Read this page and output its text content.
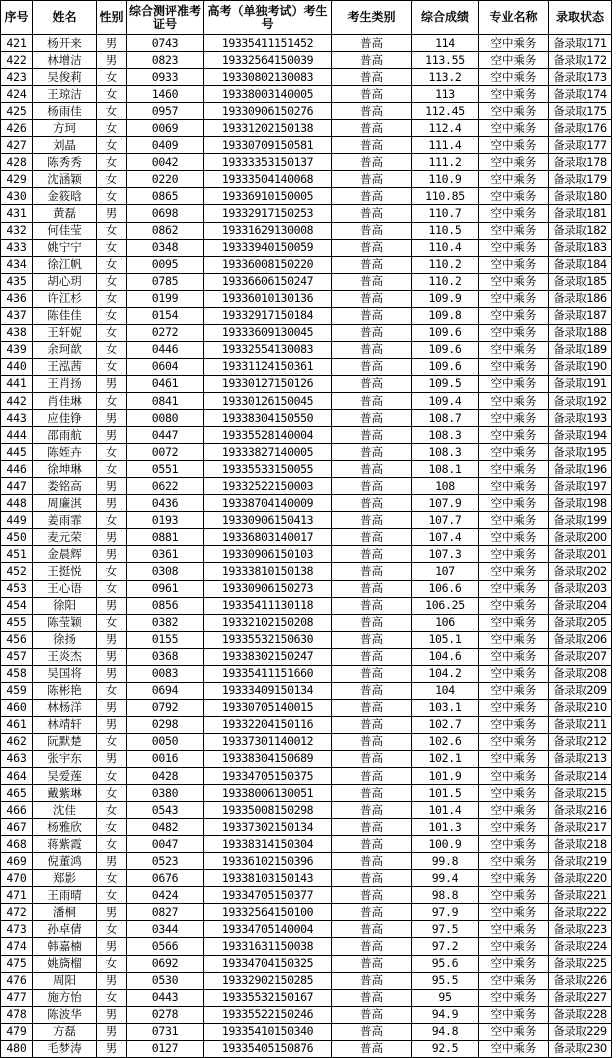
序号	姓名	性别	综合测评准考证号	高考（单独考试）考生号	考生类别	综合成绩	专业名称	录取状态
421	杨开来	男	0743	19335411151452	普高	114	空中乘务	备录取171
422	林增洁	男	0823	19332564150039	普高	113.55	空中乘务	备录取172
423	吴俊莉	女	0933	19330802130083	普高	113.2	空中乘务	备录取173
424	王琼洁	女	1460	19338003140005	普高	113	空中乘务	备录取174
425	杨雨佳	女	0957	19330906150276	普高	112.45	空中乘务	备录取175
426	方珂	女	0069	19331202150138	普高	112.4	空中乘务	备录取176
427	刘晶	女	0409	19330709150581	普高	111.4	空中乘务	备录取177
428	陈秀秀	女	0042	19333353150137	普高	111.2	空中乘务	备录取178
429	沈涵颖	女	0220	19333504140068	普高	110.9	空中乘务	备录取179
430	金筱晗	女	0865	19336910150005	普高	110.85	空中乘务	备录取180
431	黄磊	男	0698	19332917150253	普高	110.7	空中乘务	备录取181
432	何佳莹	女	0862	19331629130008	普高	110.5	空中乘务	备录取182
433	姚宁宁	女	0348	19333940150059	普高	110.4	空中乘务	备录取183
434	徐江帆	女	0095	19336008150220	普高	110.2	空中乘务	备录取184
435	胡心玥	女	0785	19336606150247	普高	110.2	空中乘务	备录取185
436	许江杉	女	0199	19336010130136	普高	109.9	空中乘务	备录取186
437	陈佳佳	女	0154	19332917150184	普高	109.8	空中乘务	备录取187
438	王轩妮	女	0272	19333609130045	普高	109.6	空中乘务	备录取188
439	余珂歆	女	0446	19332554130083	普高	109.6	空中乘务	备录取189
440	王泓茜	女	0604	19331124150361	普高	109.6	空中乘务	备录取190
441	王肖扬	男	0461	19330127150126	普高	109.5	空中乘务	备录取191
442	肖佳琳	女	0841	19330126150045	普高	109.4	空中乘务	备录取192
443	应佳铮	男	0080	19338304150550	普高	108.7	空中乘务	备录取193
444	邵雨航	男	0447	19335528140004	普高	108.3	空中乘务	备录取194
445	陈姪卉	女	0072	19333827140005	普高	108.3	空中乘务	备录取195
446	徐坤琳	女	0551	19335533150055	普高	108.1	空中乘务	备录取196
447	娄铭高	男	0622	19332522150003	普高	108	空中乘务	备录取197
448	周廉淇	男	0436	19338704140009	普高	107.9	空中乘务	备录取198
449	姜雨霏	女	0193	19330906150413	普高	107.7	空中乘务	备录取199
450	麦元荣	男	0881	19336803140017	普高	107.4	空中乘务	备录取200
451	金晨辉	男	0361	19330906150103	普高	107.3	空中乘务	备录取201
452	王挺悦	女	0308	19333810150138	普高	107	空中乘务	备录取202
453	王心语	女	0961	19330906150273	普高	106.6	空中乘务	备录取203
454	徐阳	男	0856	19335411130118	普高	106.25	空中乘务	备录取204
455	陈莹颖	女	0382	19332102150208	普高	106	空中乘务	备录取205
456	徐扬	男	0155	19335532150630	普高	105.1	空中乘务	备录取206
457	王炎杰	男	0368	19338302150247	普高	104.6	空中乘务	备录取207
458	吴国将	男	0083	19335411151660	普高	104.2	空中乘务	备录取208
459	陈彬艳	女	0694	19333409150134	普高	104	空中乘务	备录取209
460	林杨洋	男	0792	19330705140015	普高	103.1	空中乘务	备录取210
461	林靖轩	男	0298	19332204150116	普高	102.7	空中乘务	备录取211
462	阮默楚	女	0050	19337301140012	普高	102.6	空中乘务	备录取212
463	张宇东	男	0016	19338304150689	普高	102.1	空中乘务	备录取213
464	吴爱莲	女	0428	19334705150375	普高	101.9	空中乘务	备录取214
465	戴紫琳	女	0380	19338006130051	普高	101.5	空中乘务	备录取215
466	沈佳	女	0543	19335008150298	普高	101.4	空中乘务	备录取216
467	杨雅欣	女	0482	19337302150134	普高	101.3	空中乘务	备录取217
468	蒋紫霞	女	0047	19338314150304	普高	100.9	空中乘务	备录取218
469	倪董鸿	男	0523	19336102150396	普高	99.8	空中乘务	备录取219
470	郑影	女	0676	19338103150143	普高	99.4	空中乘务	备录取220
471	王雨晴	女	0424	19334705150377	普高	98.8	空中乘务	备录取221
472	潘桐	男	0827	19332564150100	普高	97.9	空中乘务	备录取222
473	孙卓倩	女	0344	19334705140004	普高	97.5	空中乘务	备录取223
474	韩嘉楠	男	0566	19331631150038	普高	97.2	空中乘务	备录取224
475	姚旖榴	女	0692	19334704150325	普高	95.6	空中乘务	备录取225
476	周阳	男	0530	19332902150285	普高	95.5	空中乘务	备录取226
477	施方怡	女	0443	19335532150167	普高	95	空中乘务	备录取227
478	陈波华	男	0278	19335522150246	普高	94.9	空中乘务	备录取228
479	方磊	男	0731	19335410150340	普高	94.8	空中乘务	备录取229
480	毛梦涛	男	0127	19335405150876	普高	92.5	空中乘务	备录取230
